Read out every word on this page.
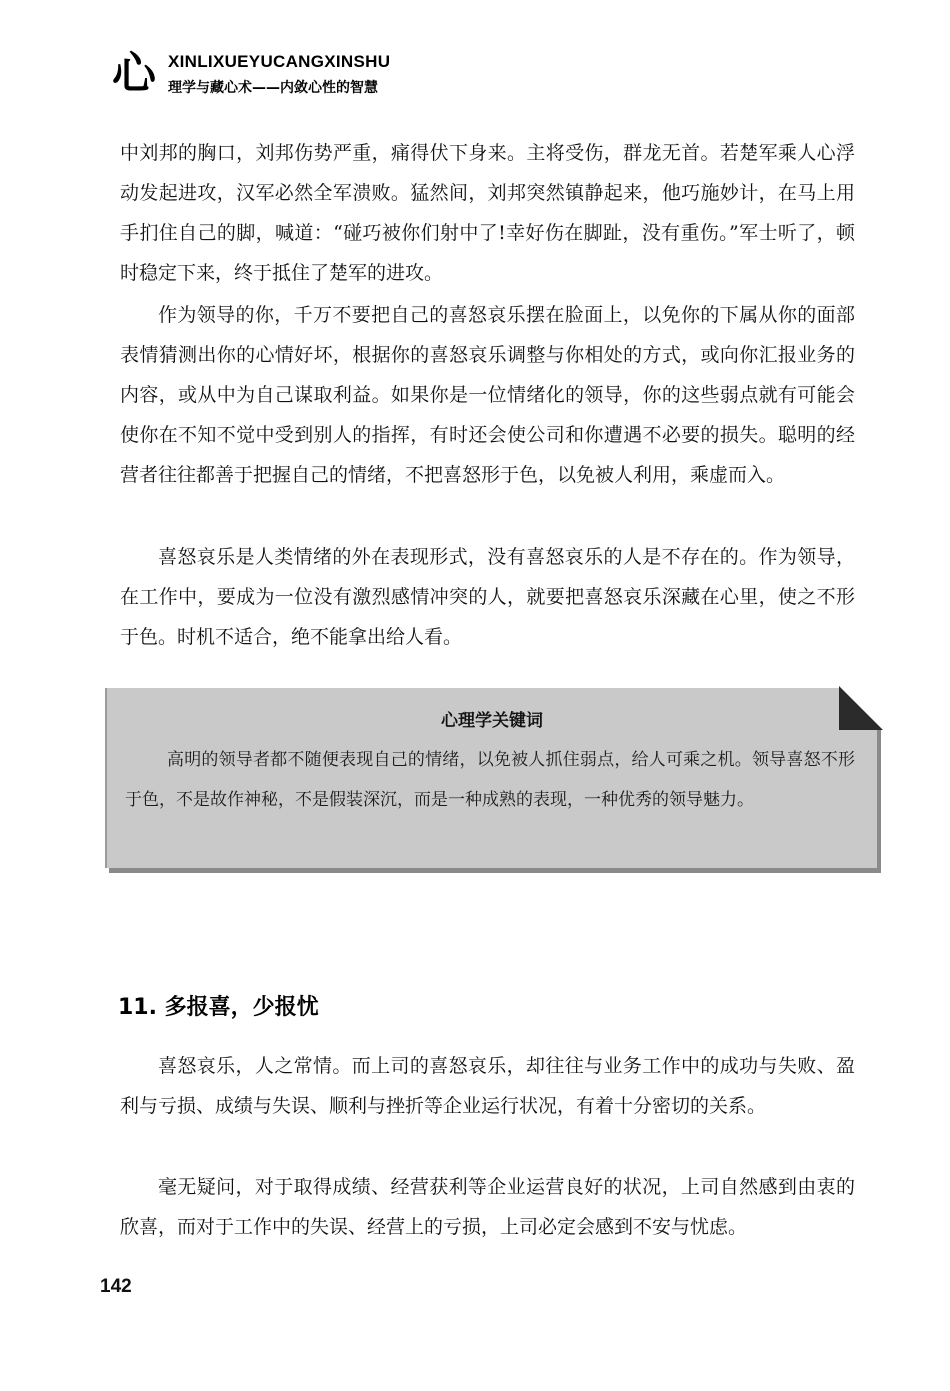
心 XINLIXUEYUCANGXINSHU
理学与藏心术——内敛心性的智慧

中刘邦的胸口，刘邦伤势严重，痛得伏下身来。主将受伤，群龙无首。若楚军乘人心浮动发起进攻，汉军必然全军溃败。猛然间，刘邦突然镇静起来，他巧施妙计，在马上用手扪住自己的脚，喊道：“碰巧被你们射中了!幸好伤在脚趾，没有重伤。”军士听了，顿时稳定下来，终于抵住了楚军的进攻。

作为领导的你，千万不要把自己的喜怒哀乐摆在脸面上，以免你的下属从你的面部表情猜测出你的心情好坏，根据你的喜怒哀乐调整与你相处的方式，或向你汇报业务的内容，或从中为自己谋取利益。如果你是一位情绪化的领导，你的这些弱点就有可能会使你在不知不觉中受到别人的指挥，有时还会使公司和你遭遇不必要的损失。聪明的经营者往往都善于把握自己的情绪，不把喜怒形于色，以免被人利用，乘虚而入。

喜怒哀乐是人类情绪的外在表现形式，没有喜怒哀乐的人是不存在的。作为领导，在工作中，要成为一位没有激烈感情冲突的人，就要把喜怒哀乐深藏在心里，使之不形于色。时机不适合，绝不能拿出给人看。

心理学关键词

高明的领导者都不随便表现自己的情绪，以免被人抓住弱点，给人可乘之机。领导喜怒不形于色，不是故作神秘，不是假装深沉，而是一种成熟的表现，一种优秀的领导魅力。

11. 多报喜，少报忧

喜怒哀乐，人之常情。而上司的喜怒哀乐，却往往与业务工作中的成功与失败、盈利与亏损、成绩与失误、顺利与挫折等企业运行状况，有着十分密切的关系。

毫无疑问，对于取得成绩、经营获利等企业运营良好的状况，上司自然感到由衷的欣喜，而对于工作中的失误、经营上的亏损，上司必定会感到不安与忧虑。

142
